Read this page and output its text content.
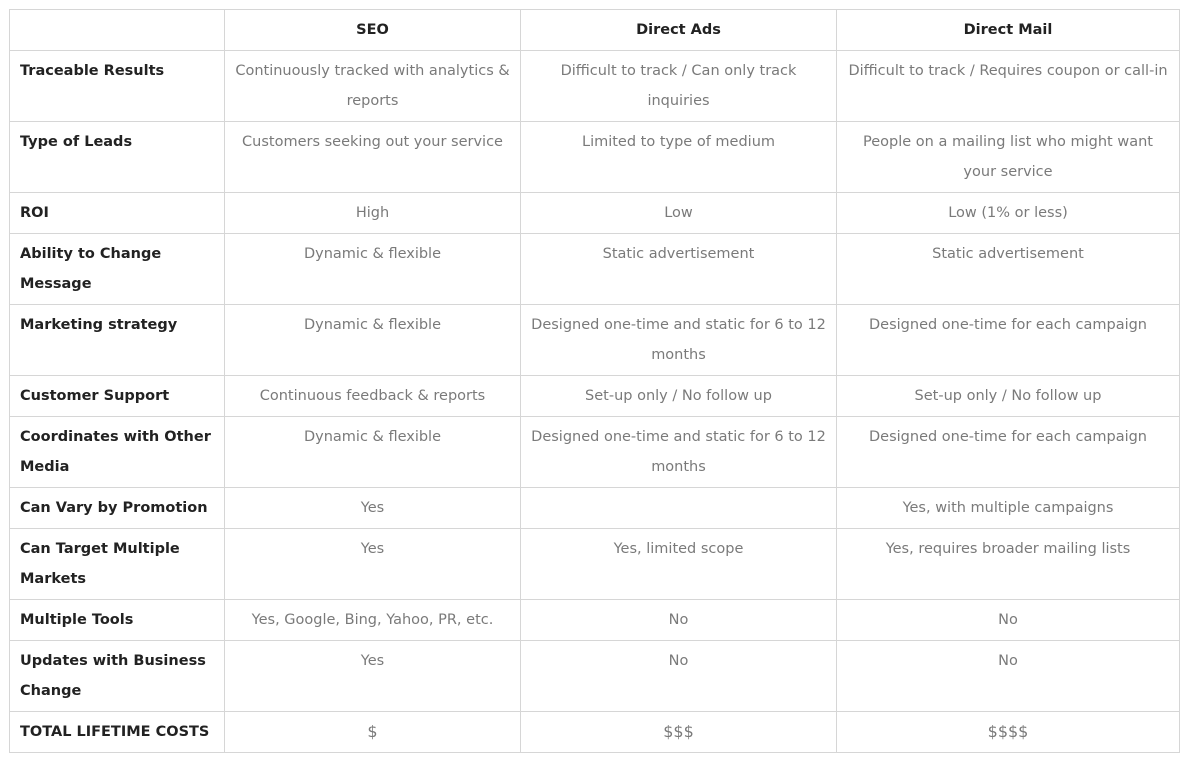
	SEO	Direct Ads	Direct Mail
Traceable Results	Continuously tracked with analytics & reports	Difficult to track / Can only track inquiries	Difficult to track / Requires coupon or call-in
Type of Leads	Customers seeking out your service	Limited to type of medium	People on a mailing list who might want your service
ROI	High	Low	Low (1% or less)
Ability to Change Message	Dynamic & flexible	Static advertisement	Static advertisement
Marketing strategy	Dynamic & flexible	Designed one-time and static for 6 to 12 months	Designed one-time for each campaign
Customer Support	Continuous feedback & reports	Set-up only / No follow up	Set-up only / No follow up
Coordinates with Other Media	Dynamic & flexible	Designed one-time and static for 6 to 12 months	Designed one-time for each campaign
Can Vary by Promotion	Yes		Yes, with multiple campaigns
Can Target Multiple Markets	Yes	Yes, limited scope	Yes, requires broader mailing lists
Multiple Tools	Yes, Google, Bing, Yahoo, PR, etc.	No	No
Updates with Business Change	Yes	No	No
TOTAL LIFETIME COSTS	$	$$$	$$$$
